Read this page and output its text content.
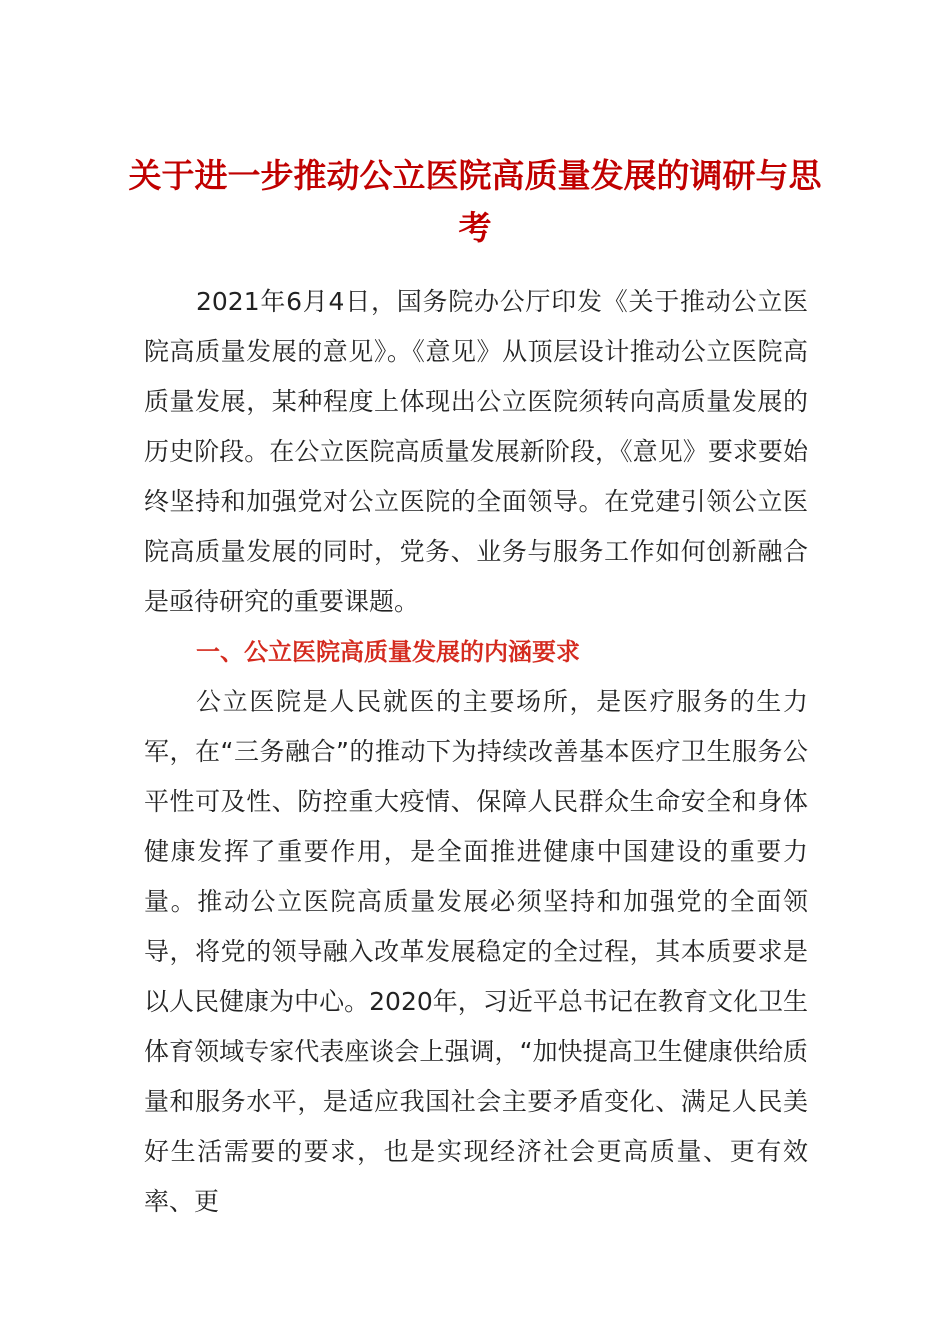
关于进一步推动公立医院高质量发展的调研与思考

2021年6月4日，国务院办公厅印发《关于推动公立医院高质量发展的意见》。《意见》从顶层设计推动公立医院高质量发展，某种程度上体现出公立医院须转向高质量发展的历史阶段。在公立医院高质量发展新阶段，《意见》要求要始终坚持和加强党对公立医院的全面领导。在党建引领公立医院高质量发展的同时，党务、业务与服务工作如何创新融合是亟待研究的重要课题。

一、公立医院高质量发展的内涵要求

公立医院是人民就医的主要场所，是医疗服务的生力军，在“三务融合”的推动下为持续改善基本医疗卫生服务公平性可及性、防控重大疫情、保障人民群众生命安全和身体健康发挥了重要作用，是全面推进健康中国建设的重要力量。推动公立医院高质量发展必须坚持和加强党的全面领导，将党的领导融入改革发展稳定的全过程，其本质要求是以人民健康为中心。2020年，习近平总书记在教育文化卫生体育领域专家代表座谈会上强调，“加快提高卫生健康供给质量和服务水平，是适应我国社会主要矛盾变化、满足人民美好生活需要的要求，也是实现经济社会更高质量、更有效率、更
